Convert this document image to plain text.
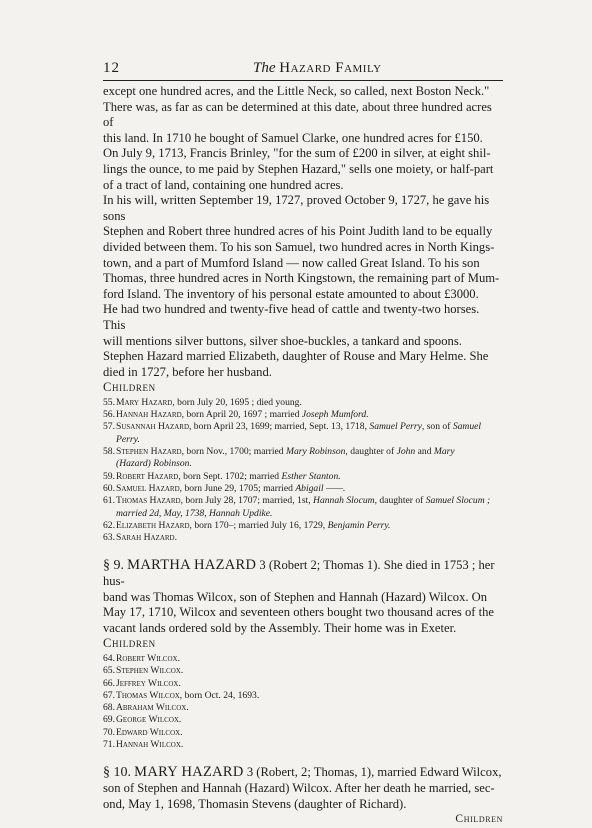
12	The Hazard Family

except one hundred acres, and the Little Neck, so called, next Boston Neck."

There was, as far as can be determined at this date, about three hundred acres of

this land. In 1710 he bought of Samuel Clarke, one hundred acres for £150.

On July 9, 1713, Francis Brinley, "for the sum of £200 in silver, at eight shil-

lings the ounce, to me paid by Stephen Hazard," sells one moiety, or half-part

of a tract of land, containing one hundred acres.

In his will, written September 19, 1727, proved October 9, 1727, he gave his sons

Stephen and Robert three hundred acres of his Point Judith land to be equally

divided between them. To his son Samuel, two hundred acres in North Kings-

town, and a part of Mumford Island — now called Great Island. To his son

Thomas, three hundred acres in North Kingstown, the remaining part of Mum-

ford Island. The inventory of his personal estate amounted to about £3000.

He had two hundred and twenty-five head of cattle and twenty-two horses. This

will mentions silver buttons, silver shoe-buckles, a tankard and spoons.

Stephen Hazard married Elizabeth, daughter of Rouse and Mary Helme. She

died in 1727, before her husband.

Children

55. Mary Hazard, born July 20, 1695 ; died young.
56. Hannah Hazard, born April 20, 1697 ; married Joseph Mumford.
57. Susannah Hazard, born April 23, 1699; married, Sept. 13, 1718, Samuel Perry, son of Samuel Perry.
58. Stephen Hazard, born Nov., 1700; married Mary Robinson, daughter of John and Mary
(Hazard) Robinson.
59. Robert Hazard, born Sept. 1702; married Esther Stanton.
60. Samuel Hazard, born June 29, 1705; married Abigail ——.
61. Thomas Hazard, born July 28, 1707; married, 1st, Hannah Slocum, daughter of Samuel Slocum ;
married 2d, May, 1738, Hannah Updike.
62. Elizabeth Hazard, born 170–; married July 16, 1729, Benjamin Perry.
63. Sarah Hazard.

§ 9. MARTHA HAZARD 3 (Robert 2; Thomas 1). She died in 1753 ; her hus-

band was Thomas Wilcox, son of Stephen and Hannah (Hazard) Wilcox. On

May 17, 1710, Wilcox and seventeen others bought two thousand acres of the

vacant lands ordered sold by the Assembly. Their home was in Exeter.

Children

64. Robert Wilcox.
65. Stephen Wilcox.
66. Jeffrey Wilcox.
67. Thomas Wilcox, born Oct. 24, 1693.
68. Abraham Wilcox.
69. George Wilcox.
70. Edward Wilcox.
71. Hannah Wilcox.

§ 10. MARY HAZARD 3 (Robert, 2; Thomas, 1), married Edward Wilcox,

son of Stephen and Hannah (Hazard) Wilcox. After her death he married, sec-

ond, May 1, 1698, Thomasin Stevens (daughter of Richard).

Children
